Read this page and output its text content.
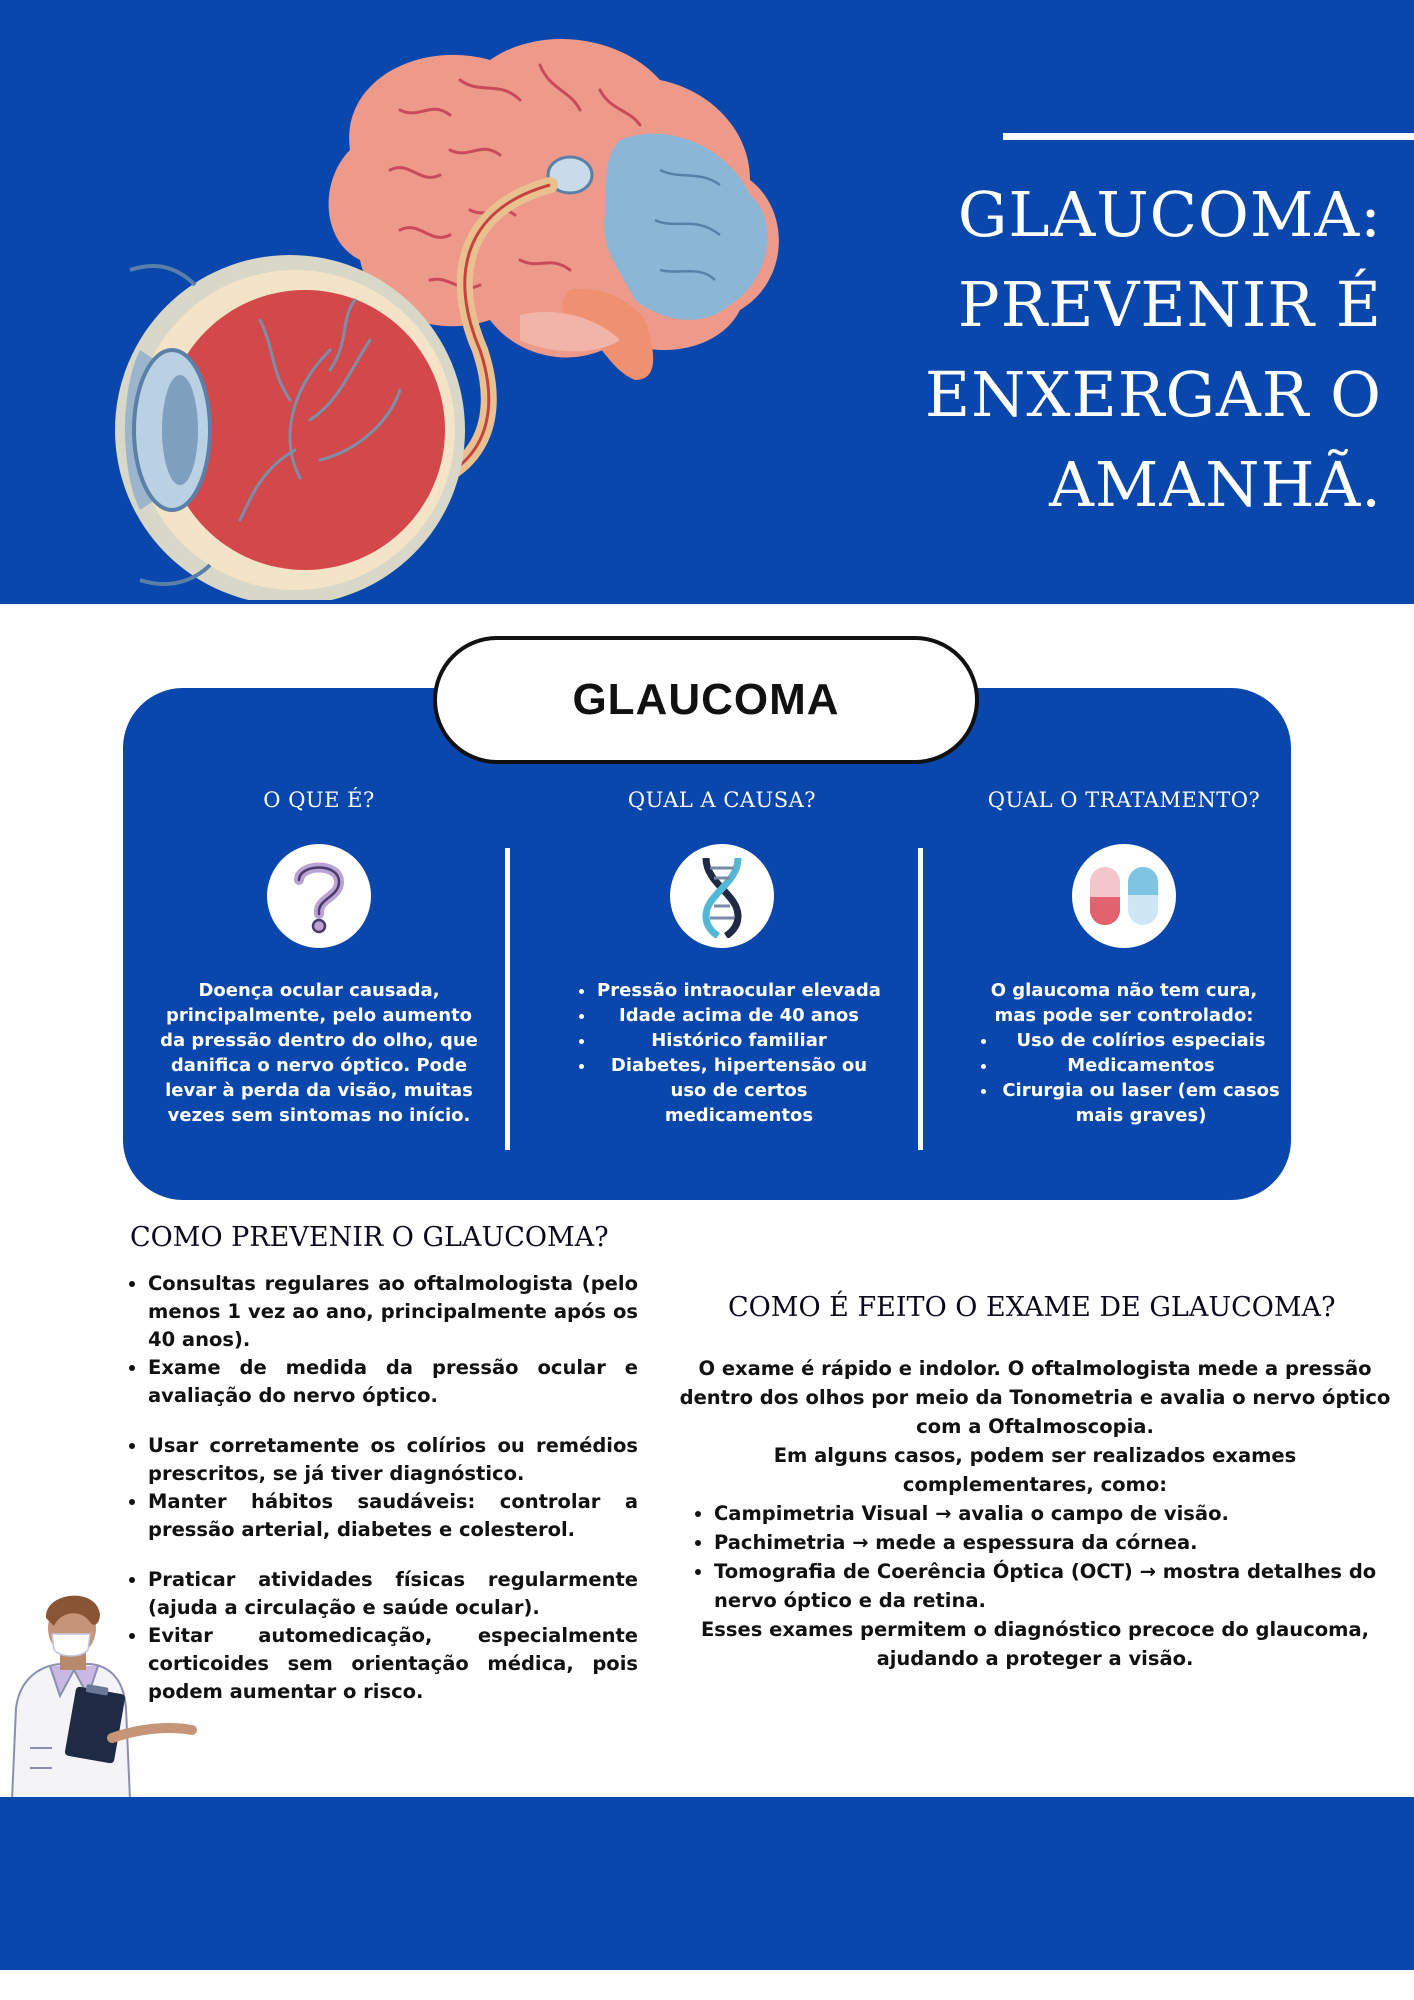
GLAUCOMA:
PREVENIR É
ENXERGAR O
AMANHÃ.
GLAUCOMA
O QUE É?
Doença ocular causada, principalmente, pelo aumento da pressão dentro do olho, que danifica o nervo óptico. Pode levar à perda da visão, muitas vezes sem sintomas no início.
QUAL A CAUSA?
• Pressão intraocular elevada
• Idade acima de 40 anos
• Histórico familiar
• Diabetes, hipertensão ou uso de certos medicamentos
QUAL O TRATAMENTO?
O glaucoma não tem cura, mas pode ser controlado:
• Uso de colírios especiais
• Medicamentos
• Cirurgia ou laser (em casos mais graves)
COMO PREVENIR O GLAUCOMA?
• Consultas regulares ao oftalmologista (pelo menos 1 vez ao ano, principalmente após os 40 anos).
• Exame de medida da pressão ocular e avaliação do nervo óptico.
• Usar corretamente os colírios ou remédios prescritos, se já tiver diagnóstico.
• Manter hábitos saudáveis: controlar a pressão arterial, diabetes e colesterol.
• Praticar atividades físicas regularmente (ajuda a circulação e saúde ocular).
• Evitar automedicação, especialmente corticoides sem orientação médica, pois podem aumentar o risco.
COMO É FEITO O EXAME DE GLAUCOMA?

O exame é rápido e indolor. O oftalmologista mede a pressão dentro dos olhos por meio da Tonometria e avalia o nervo óptico com a Oftalmoscopia.

Em alguns casos, podem ser realizados exames complementares, como:

• Campimetria Visual → avalia o campo de visão.
• Pachimetria → mede a espessura da córnea.
• Tomografia de Coerência Óptica (OCT) → mostra detalhes do nervo óptico e da retina.

Esses exames permitem o diagnóstico precoce do glaucoma, ajudando a proteger a visão.
